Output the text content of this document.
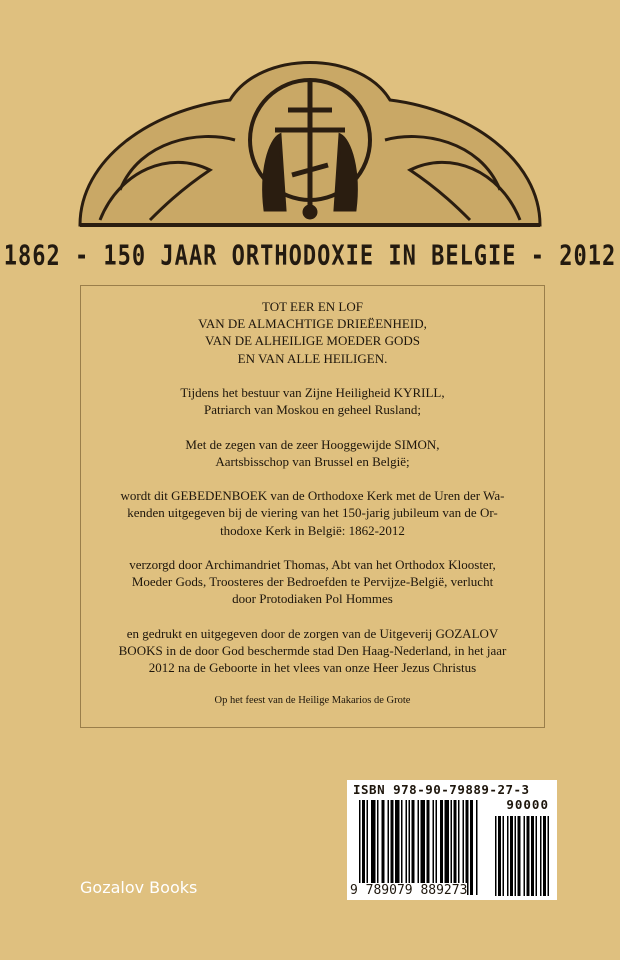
1862 - 150 JAAR ORTHODOXIE IN BELGIE - 2012

TOT EER EN LOF
VAN DE ALMACHTIGE DRIEËENHEID,
VAN DE ALHEILIGE MOEDER GODS
EN VAN ALLE HEILIGEN.

Tijdens het bestuur van Zijne Heiligheid KYRILL,
Patriarch van Moskou en geheel Rusland;

Met de zegen van de zeer Hooggewijde SIMON,
Aartsbisschop van Brussel en België;

wordt dit GEBEDENBOEK van de Orthodoxe Kerk met de Uren der Wa-
kenden uitgegeven bij de viering van het 150-jarig jubileum van de Or-
thodoxe Kerk in België: 1862-2012

verzorgd door Archimandriet Thomas, Abt van het Orthodox Klooster,
Moeder Gods, Troosteres der Bedroefden te Pervijze-België, verlucht
door Protodiaken Pol Hommes

en gedrukt en uitgegeven door de zorgen van de Uitgeverij GOZALOV
BOOKS in de door God beschermde stad Den Haag-Nederland, in het jaar
2012 na de Geboorte in het vlees van onze Heer Jezus Christus

Op het feest van de Heilige Makarios de Grote

ISBN 978-90-79889-27-3
90000
9 789079 889273
Gozalov Books
